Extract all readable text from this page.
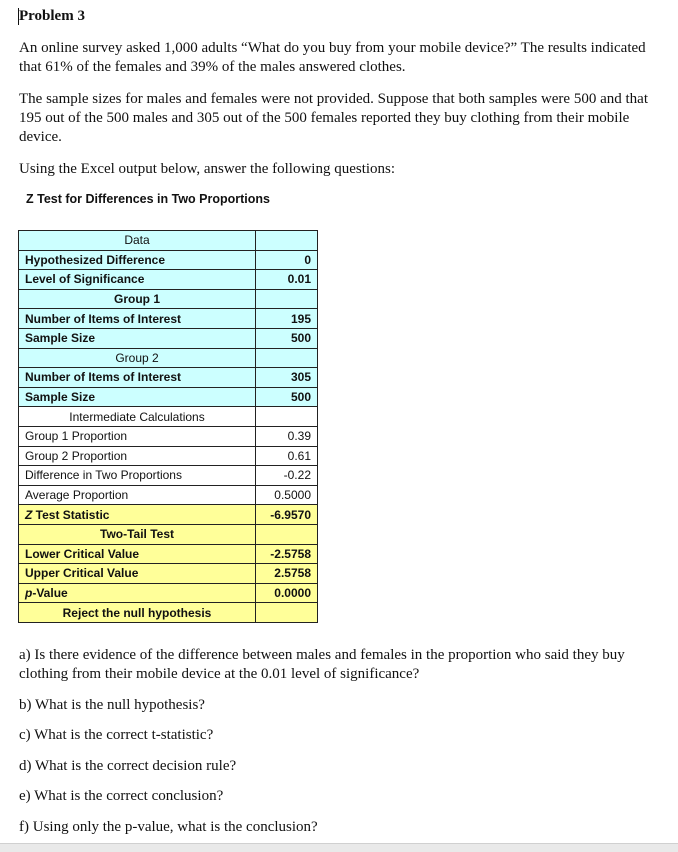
Problem 3

An online survey asked 1,000 adults “What do you buy from your mobile device?” The results indicated that 61% of the females and 39% of the males answered clothes.

The sample sizes for males and females were not provided. Suppose that both samples were 500 and that 195 out of the 500 males and 305 out of the 500 females reported they buy clothing from their mobile device.

Using the Excel output below, answer the following questions:

Z Test for Differences in Two Proportions
Data	
Hypothesized Difference	0
Level of Significance	0.01
Group 1	
Number of Items of Interest	195
Sample Size	500
Group 2	
Number of Items of Interest	305
Sample Size	500
Intermediate Calculations	
Group 1 Proportion	0.39
Group 2 Proportion	0.61
Difference in Two Proportions	-0.22
Average Proportion	0.5000
Z Test Statistic	-6.9570
Two-Tail Test	
Lower Critical Value	-2.5758
Upper Critical Value	2.5758
p-Value	0.0000
Reject the null hypothesis	

a) Is there evidence of the difference between males and females in the proportion who said they buy clothing from their mobile device at the 0.01 level of significance?

b) What is the null hypothesis?

c) What is the correct t-statistic?

d) What is the correct decision rule?

e) What is the correct conclusion?

f) Using only the p-value, what is the conclusion?
